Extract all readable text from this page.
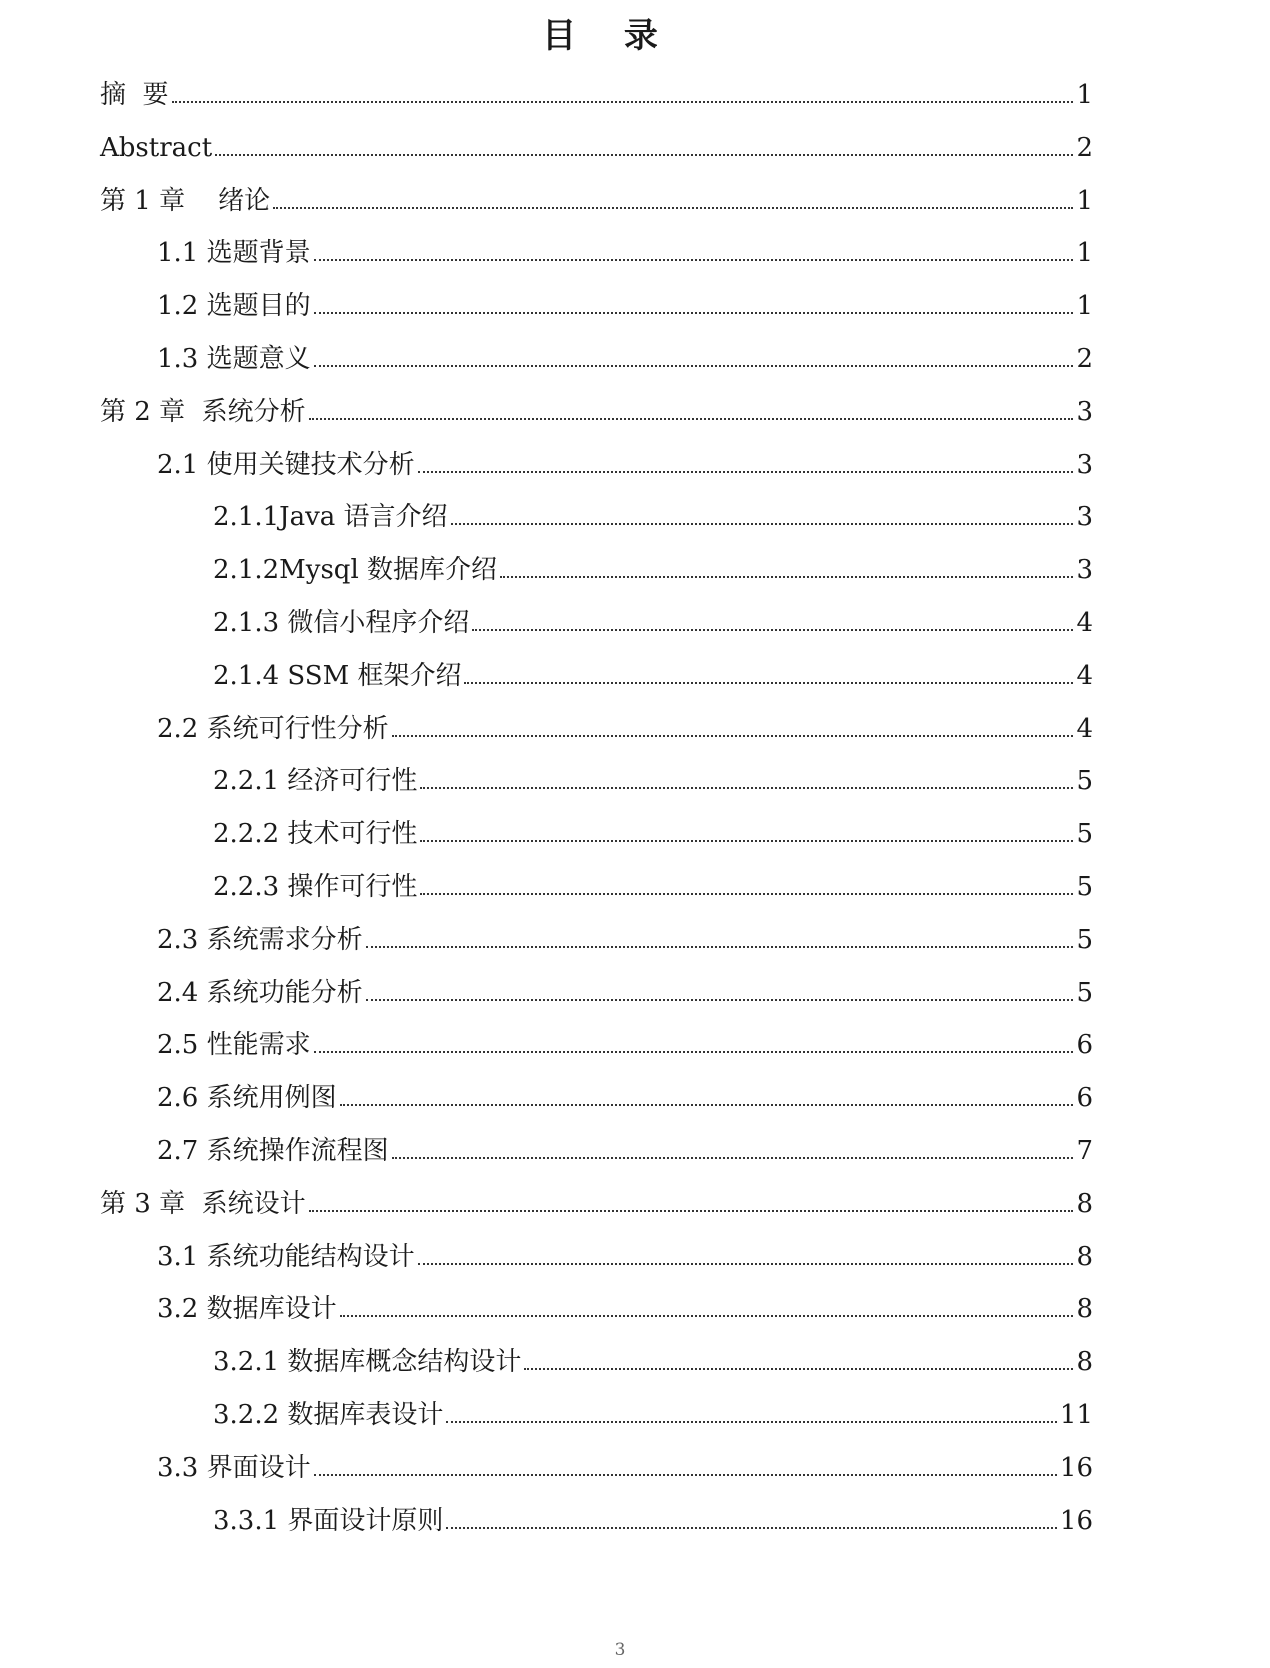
目 录
摘  要	1
Abstract	2
第 1 章    绪论	1
1.1 选题背景	1
1.2 选题目的	1
1.3 选题意义	2
第 2 章  系统分析	3
2.1 使用关键技术分析	3
2.1.1Java 语言介绍	3
2.1.2Mysql 数据库介绍	3
2.1.3 微信小程序介绍	4
2.1.4 SSM 框架介绍	4
2.2 系统可行性分析	4
2.2.1 经济可行性	5
2.2.2 技术可行性	5
2.2.3 操作可行性	5
2.3 系统需求分析	5
2.4 系统功能分析	5
2.5 性能需求	6
2.6 系统用例图	6
2.7 系统操作流程图	7
第 3 章  系统设计	8
3.1 系统功能结构设计	8
3.2 数据库设计	8
3.2.1 数据库概念结构设计	8
3.2.2 数据库表设计	11
3.3 界面设计	16
3.3.1 界面设计原则	16
3
